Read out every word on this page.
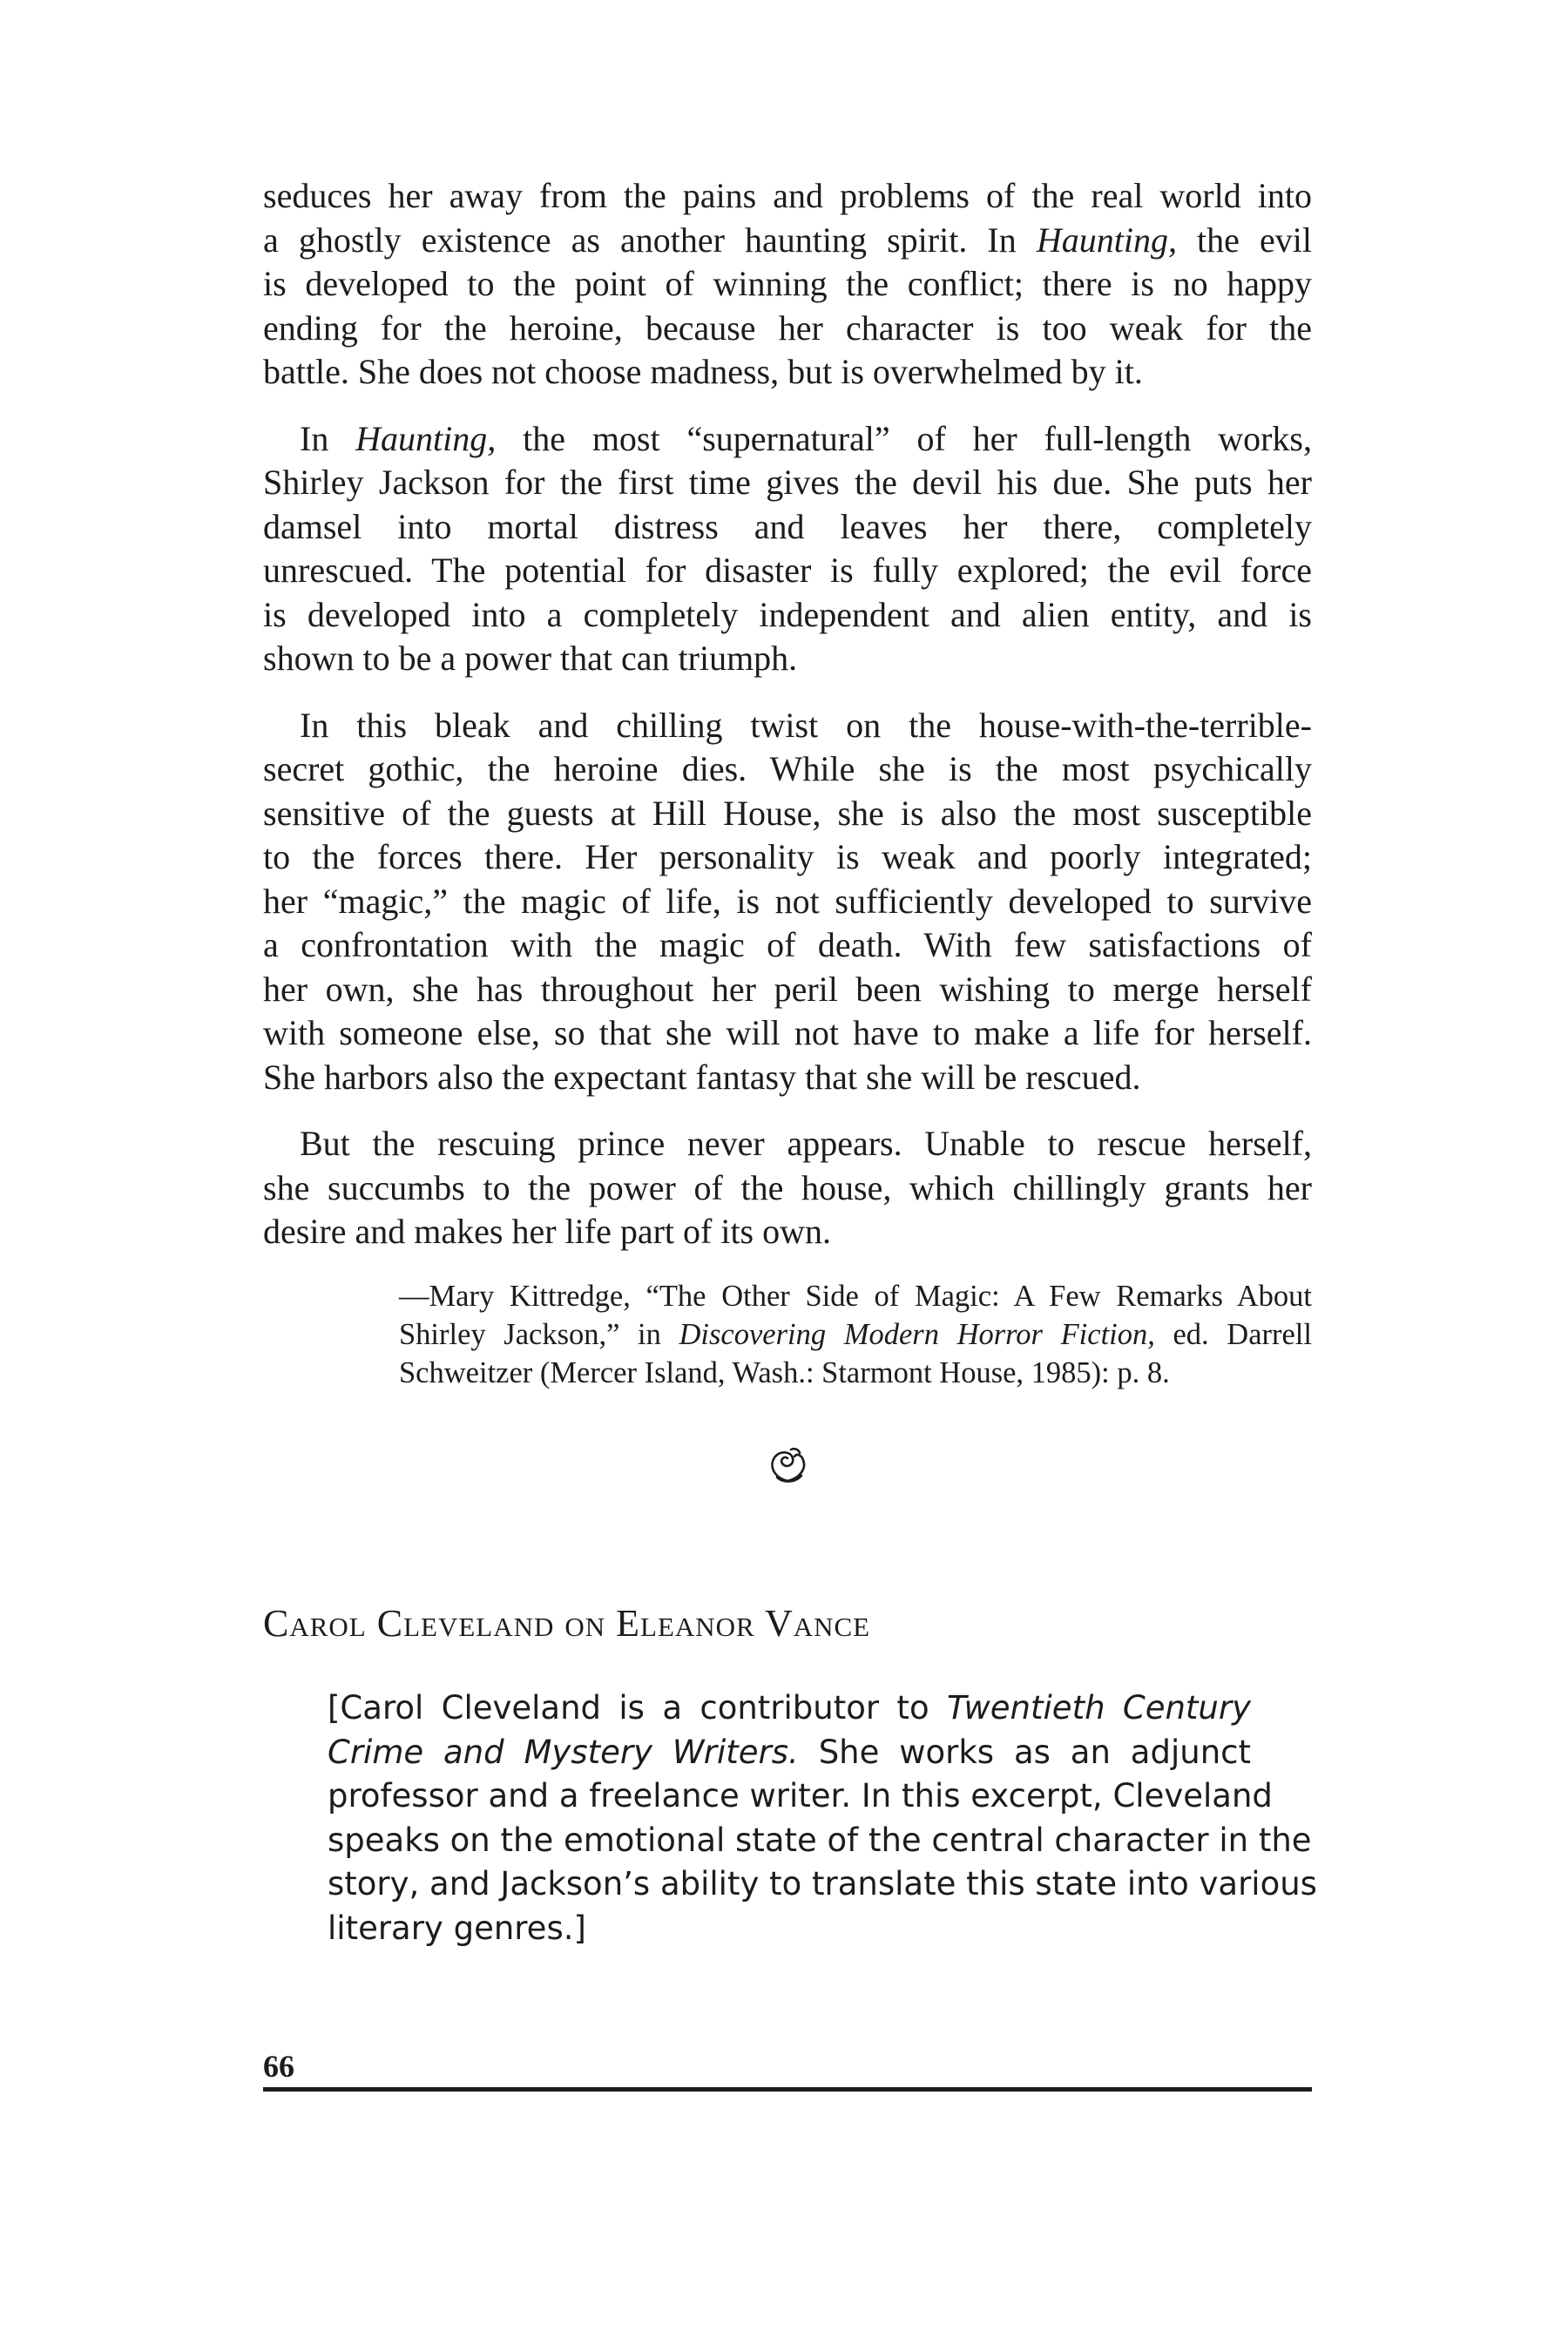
seduces her away from the pains and problems of the real world into
a ghostly existence as another haunting spirit. In Haunting, the evil
is developed to the point of winning the conflict; there is no happy
ending for the heroine, because her character is too weak for the
battle. She does not choose madness, but is overwhelmed by it.

In Haunting, the most “supernatural” of her full-length works,
Shirley Jackson for the first time gives the devil his due. She puts her
damsel into mortal distress and leaves her there, completely
unrescued. The potential for disaster is fully explored; the evil force
is developed into a completely independent and alien entity, and is
shown to be a power that can triumph.

In this bleak and chilling twist on the house-with-the-terrible-
secret gothic, the heroine dies. While she is the most psychically
sensitive of the guests at Hill House, she is also the most susceptible
to the forces there. Her personality is weak and poorly integrated;
her “magic,” the magic of life, is not sufficiently developed to survive
a confrontation with the magic of death. With few satisfactions of
her own, she has throughout her peril been wishing to merge herself
with someone else, so that she will not have to make a life for herself.
She harbors also the expectant fantasy that she will be rescued.

But the rescuing prince never appears. Unable to rescue herself,
she succumbs to the power of the house, which chillingly grants her
desire and makes her life part of its own.

—Mary Kittredge, “The Other Side of Magic: A Few Remarks About
Shirley Jackson,” in Discovering Modern Horror Fiction, ed. Darrell
Schweitzer (Mercer Island, Wash.: Starmont House, 1985): p. 8.
Carol Cleveland on Eleanor Vance
[Carol Cleveland is a contributor to Twentieth Century
Crime and Mystery Writers. She works as an adjunct
professor and a freelance writer. In this excerpt, Cleveland
speaks on the emotional state of the central character in the
story, and Jackson’s ability to translate this state into various
literary genres.]
66
